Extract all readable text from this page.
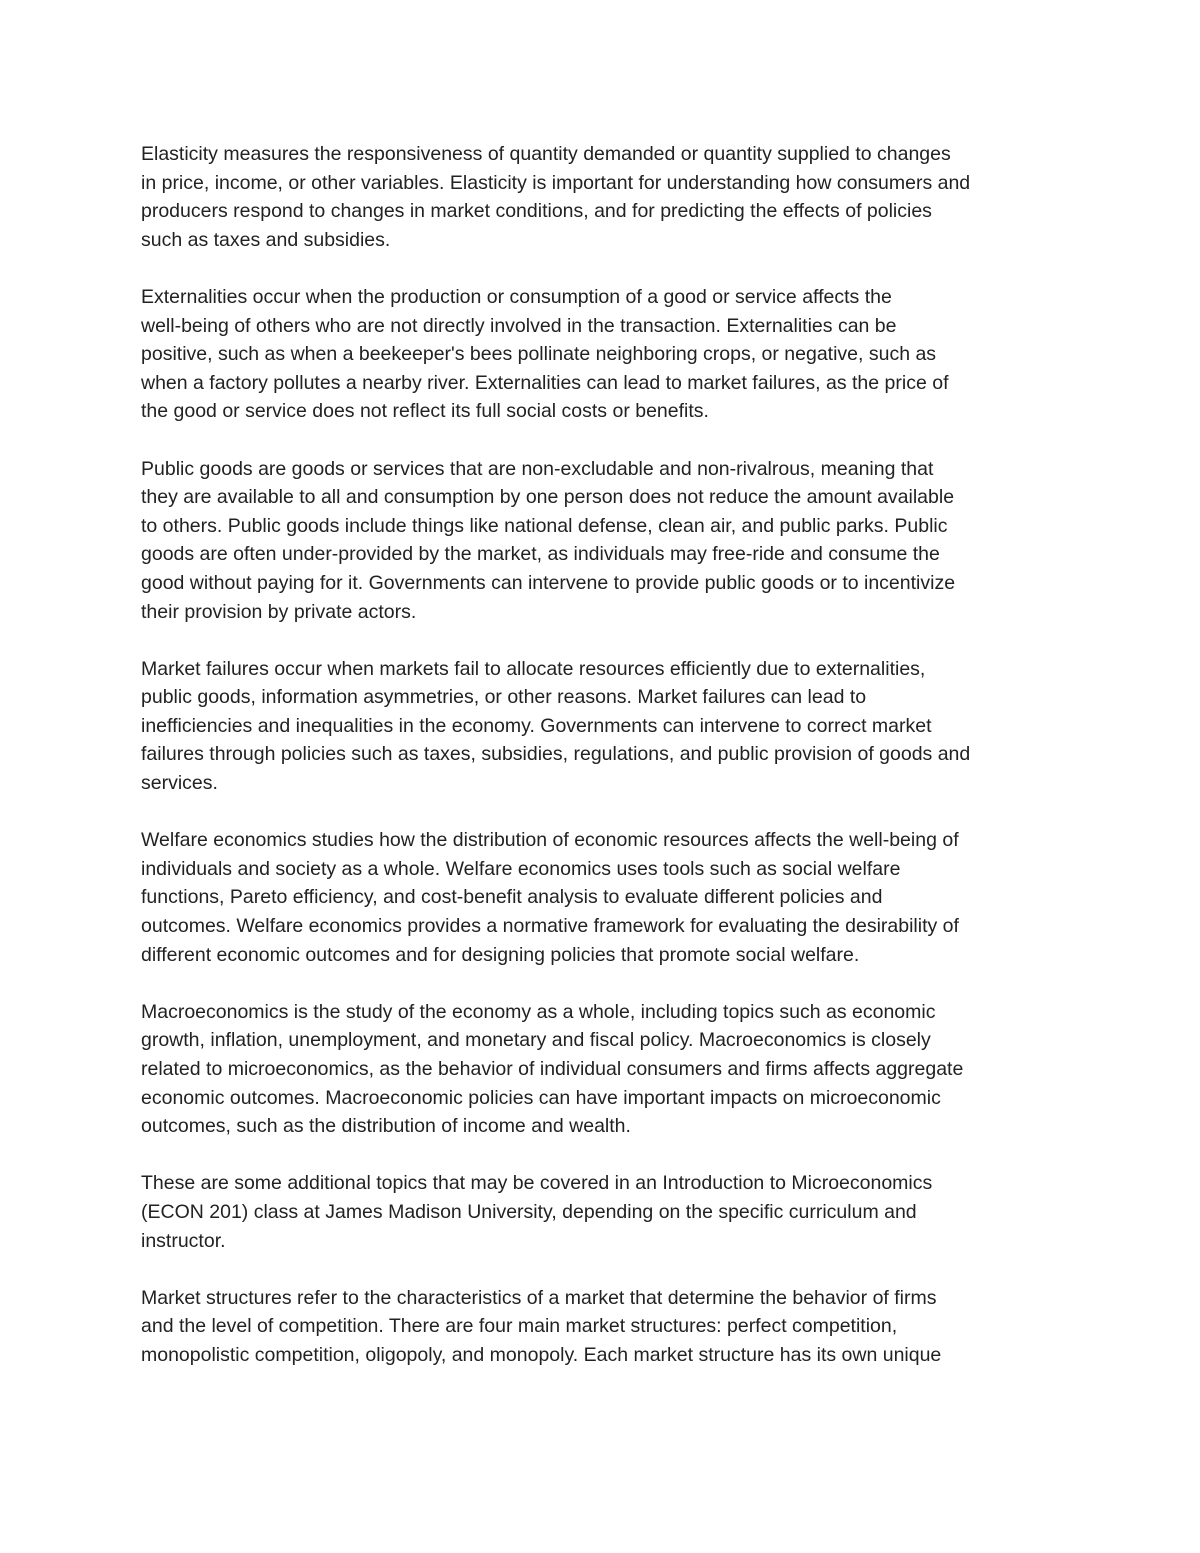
Elasticity measures the responsiveness of quantity demanded or quantity supplied to changes
in price, income, or other variables. Elasticity is important for understanding how consumers and
producers respond to changes in market conditions, and for predicting the effects of policies
such as taxes and subsidies.

Externalities occur when the production or consumption of a good or service affects the
well-being of others who are not directly involved in the transaction. Externalities can be
positive, such as when a beekeeper's bees pollinate neighboring crops, or negative, such as
when a factory pollutes a nearby river. Externalities can lead to market failures, as the price of
the good or service does not reflect its full social costs or benefits.

Public goods are goods or services that are non-excludable and non-rivalrous, meaning that
they are available to all and consumption by one person does not reduce the amount available
to others. Public goods include things like national defense, clean air, and public parks. Public
goods are often under-provided by the market, as individuals may free-ride and consume the
good without paying for it. Governments can intervene to provide public goods or to incentivize
their provision by private actors.

Market failures occur when markets fail to allocate resources efficiently due to externalities,
public goods, information asymmetries, or other reasons. Market failures can lead to
inefficiencies and inequalities in the economy. Governments can intervene to correct market
failures through policies such as taxes, subsidies, regulations, and public provision of goods and
services.

Welfare economics studies how the distribution of economic resources affects the well-being of
individuals and society as a whole. Welfare economics uses tools such as social welfare
functions, Pareto efficiency, and cost-benefit analysis to evaluate different policies and
outcomes. Welfare economics provides a normative framework for evaluating the desirability of
different economic outcomes and for designing policies that promote social welfare.

Macroeconomics is the study of the economy as a whole, including topics such as economic
growth, inflation, unemployment, and monetary and fiscal policy. Macroeconomics is closely
related to microeconomics, as the behavior of individual consumers and firms affects aggregate
economic outcomes. Macroeconomic policies can have important impacts on microeconomic
outcomes, such as the distribution of income and wealth.

These are some additional topics that may be covered in an Introduction to Microeconomics
(ECON 201) class at James Madison University, depending on the specific curriculum and
instructor.

Market structures refer to the characteristics of a market that determine the behavior of firms
and the level of competition. There are four main market structures: perfect competition,
monopolistic competition, oligopoly, and monopoly. Each market structure has its own unique
